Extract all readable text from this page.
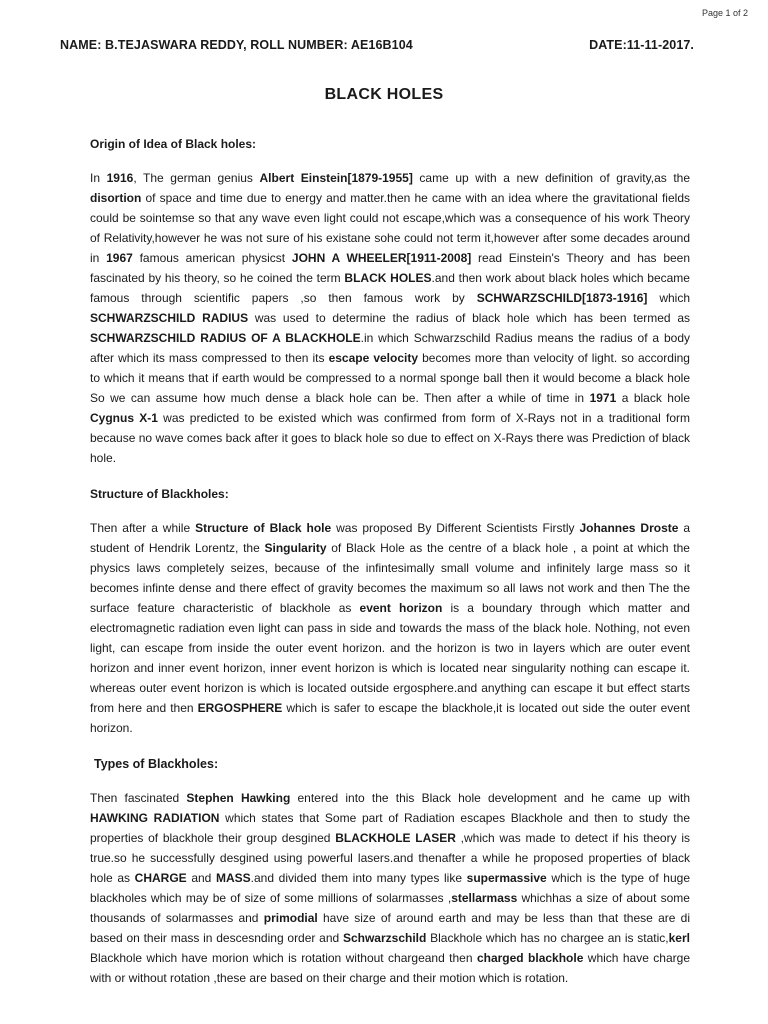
Page 1 of 2
NAME: B.TEJASWARA REDDY, ROLL NUMBER: AE16B104	DATE:11-11-2017.
BLACK HOLES

Origin of Idea of Black holes:

In 1916, The german genius Albert Einstein[1879-1955] came up with a new definition of gravity,as the disortion of space and time due to energy and matter.then he came with an idea where the gravitational fields could be sointemse so that any wave even light could not escape,which was a consequence of his work Theory of Relativity,however he was not sure of his existane sohe could not term it,however after some decades around in 1967 famous american physicst JOHN A WHEELER[1911-2008] read Einstein's Theory and has been fascinated by his theory, so he coined the term BLACK HOLES.and then work about black holes which became famous through scientific papers ,so then famous work by SCHWARZSCHILD[1873-1916] which SCHWARZSCHILD RADIUS was used to determine the radius of black hole which has been termed as SCHWARZSCHILD RADIUS OF A BLACKHOLE.in which Schwarzschild Radius means the radius of a body after which its mass compressed to then its escape velocity becomes more than velocity of light. so according to which it means that if earth would be compressed to a normal sponge ball then it would become a black hole So we can assume how much dense a black hole can be. Then after a while of time in 1971 a black hole Cygnus X-1 was predicted to be existed which was confirmed from form of X-Rays not in a traditional form because no wave comes back after it goes to black hole so due to effect on X-Rays there was Prediction of black hole.

Structure of Blackholes:

Then after a while Structure of Black hole was proposed By Different Scientists Firstly Johannes Droste a student of Hendrik Lorentz, the Singularity of Black Hole as the centre of a black hole , a point at which the physics laws completely seizes, because of the infintesimally small volume and infinitely large mass so it becomes infinte dense and there effect of gravity becomes the maximum so all laws not work and then The the surface feature characteristic of blackhole as event horizon is a boundary through which matter and electromagnetic radiation even light can pass in side and towards the mass of the black hole. Nothing, not even light, can escape from inside the outer event horizon. and the horizon is two in layers which are outer event horizon and inner event horizon, inner event horizon is which is located near singularity nothing can escape it. whereas outer event horizon is which is located outside ergosphere.and anything can escape it but effect starts from here and then ERGOSPHERE which is safer to escape the blackhole,it is located out side the outer event horizon.

Types of Blackholes:

Then fascinated Stephen Hawking entered into the this Black hole development and he came up with HAWKING RADIATION which states that Some part of Radiation escapes Blackhole and then to study the properties of blackhole their group desgined BLACKHOLE LASER ,which was made to detect if his theory is true.so he successfully desgined using powerful lasers.and thenafter a while he proposed properties of black hole as CHARGE and MASS.and divided them into many types like supermassive which is the type of huge blackholes which may be of size of some millions of solarmasses ,stellarmass whichhas a size of about some thousands of solarmasses and primodial have size of around earth and may be less than that these are di based on their mass in descesnding order and Schwarzschild Blackhole which has no chargee an is static,kerl Blackhole which have morion which is rotation without chargeand then charged blackhole which have charge with or without rotation ,these are based on their charge and their motion which is rotation.
